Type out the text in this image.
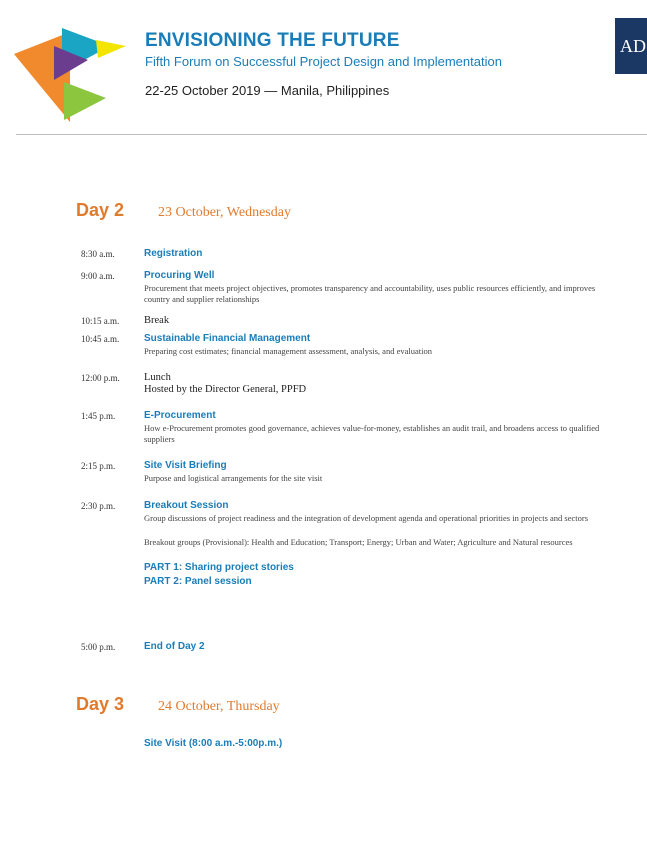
ENVISIONING THE FUTURE
Fifth Forum on Successful Project Design and Implementation
22-25 October 2019 — Manila, Philippines
AD
Day 2	23 October, Wednesday
8:30 a.m.	Registration
9:00 a.m.	Procuring Well
Procurement that meets project objectives, promotes transparency and accountability, uses public resources efficiently, and improves country and supplier relationships
10:15 a.m. Break
10:45 a.m. Sustainable Financial Management
Preparing cost estimates; financial management assessment, analysis, and evaluation
12:00 p.m. Lunch
Hosted by the Director General, PPFD
1:45 p.m.	E-Procurement
How e-Procurement promotes good governance, achieves value-for-money, establishes an audit trail, and broadens access to qualified suppliers
2:15 p.m.	Site Visit Briefing
Purpose and logistical arrangements for the site visit
2:30 p.m.	Breakout Session
Group discussions of project readiness and the integration of development agenda and operational priorities in projects and sectors
Breakout groups (Provisional): Health and Education; Transport; Energy; Urban and Water; Agriculture and Natural resources
PART 1: Sharing project stories
PART 2: Panel session
5:00 p.m.	End of Day 2
Day 3	24 October, Thursday
Site Visit (8:00 a.m.-5:00p.m.)
